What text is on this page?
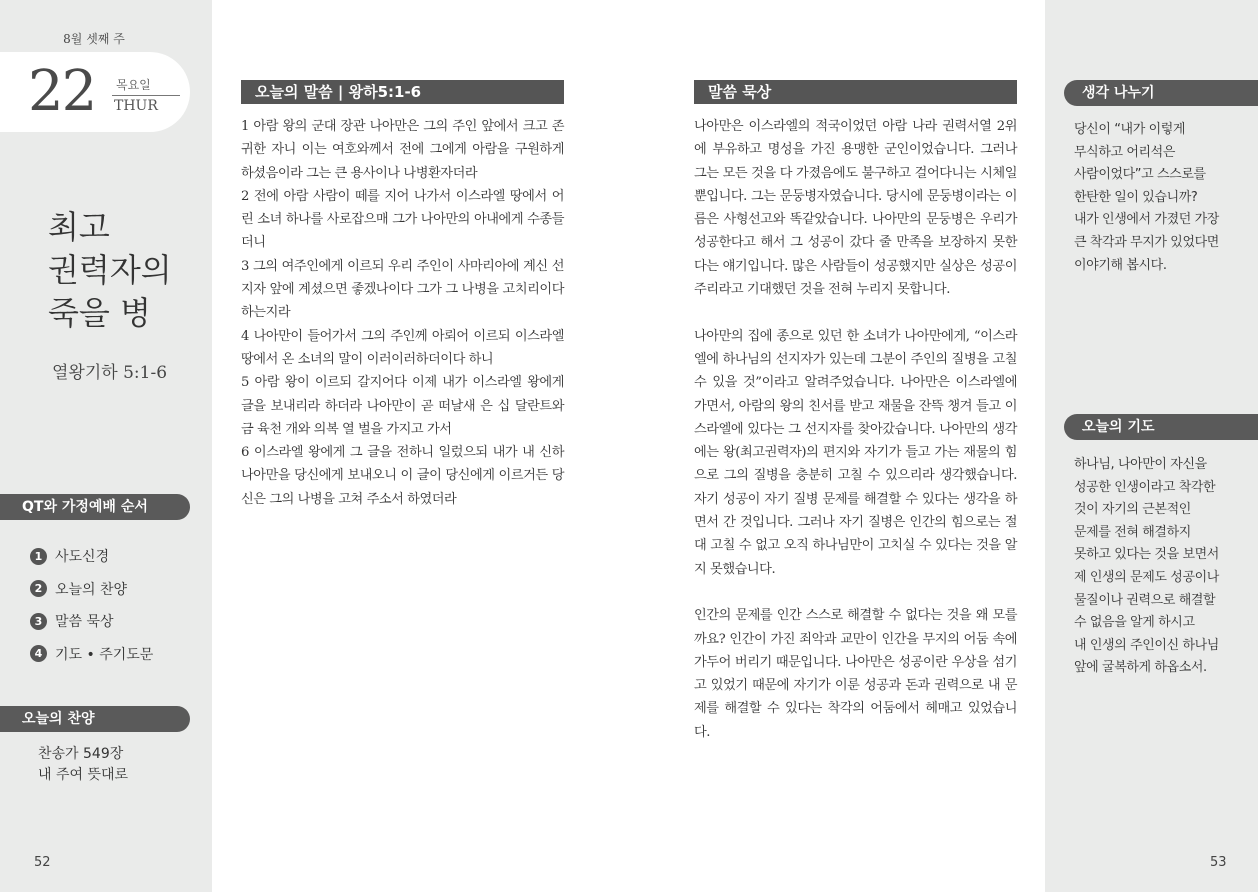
8월 셋째 주
22 목요일
THUR
최고
권력자의
죽을 병
열왕기하 5:1-6
QT와 가정예배 순서
1 사도신경
2 오늘의 찬양
3 말씀 묵상
4 기도 • 주기도문
오늘의 찬양
찬송가 549장
내 주여 뜻대로
52
오늘의 말씀 | 왕하5:1-6

1 아람 왕의 군대 장관 나아만은 그의 주인 앞에서 크고 존귀한 자니 이는 여호와께서 전에 그에게 아람을 구원하게 하셨음이라 그는 큰 용사이나 나병환자더라

2 전에 아람 사람이 떼를 지어 나가서 이스라엘 땅에서 어린 소녀 하나를 사로잡으매 그가 나아만의 아내에게 수종들더니

3 그의 여주인에게 이르되 우리 주인이 사마리아에 계신 선지자 앞에 계셨으면 좋겠나이다 그가 그 나병을 고치리이다 하는지라

4 나아만이 들어가서 그의 주인께 아뢰어 이르되 이스라엘 땅에서 온 소녀의 말이 이러이러하더이다 하니

5 아람 왕이 이르되 갈지어다 이제 내가 이스라엘 왕에게 글을 보내리라 하더라 나아만이 곧 떠날새 은 십 달란트와 금 육천 개와 의복 열 벌을 가지고 가서

6 이스라엘 왕에게 그 글을 전하니 일렀으되 내가 내 신하 나아만을 당신에게 보내오니 이 글이 당신에게 이르거든 당신은 그의 나병을 고쳐 주소서 하였더라

말씀 묵상

나아만은 이스라엘의 적국이었던 아람 나라 권력서열 2위에 부유하고 명성을 가진 용맹한 군인이었습니다. 그러나 그는 모든 것을 다 가졌음에도 불구하고 걸어다니는 시체일 뿐입니다. 그는 문둥병자였습니다. 당시에 문둥병이라는 이름은 사형선고와 똑같았습니다. 나아만의 문둥병은 우리가 성공한다고 해서 그 성공이 갔다 줄 만족을 보장하지 못한다는 얘기입니다. 많은 사람들이 성공했지만 실상은 성공이 주리라고 기대했던 것을 전혀 누리지 못합니다.

나아만의 집에 종으로 있던 한 소녀가 나아만에게, “이스라엘에 하나님의 선지자가 있는데 그분이 주인의 질병을 고칠 수 있을 것”이라고 알려주었습니다. 나아만은 이스라엘에 가면서, 아람의 왕의 친서를 받고 재물을 잔뜩 챙겨 들고 이스라엘에 있다는 그 선지자를 찾아갔습니다. 나아만의 생각에는 왕(최고권력자)의 편지와 자기가 들고 가는 재물의 힘으로 그의 질병을 충분히 고칠 수 있으리라 생각했습니다. 자기 성공이 자기 질병 문제를 해결할 수 있다는 생각을 하면서 간 것입니다. 그러나 자기 질병은 인간의 힘으로는 절대 고칠 수 없고 오직 하나님만이 고치실 수 있다는 것을 알지 못했습니다.

인간의 문제를 인간 스스로 해결할 수 없다는 것을 왜 모를까요? 인간이 가진 죄악과 교만이 인간을 무지의 어둠 속에 가두어 버리기 때문입니다. 나아만은 성공이란 우상을 섬기고 있었기 때문에 자기가 이룬 성공과 돈과 권력으로 내 문제를 해결할 수 있다는 착각의 어둠에서 헤매고 있었습니다.

생각 나누기
당신이 “내가 이렇게
무식하고 어리석은
사람이었다”고 스스로를
한탄한 일이 있습니까?
내가 인생에서 가졌던 가장
큰 착각과 무지가 있었다면
이야기해 봅시다.
오늘의 기도
하나님, 나아만이 자신을
성공한 인생이라고 착각한
것이 자기의 근본적인
문제를 전혀 해결하지
못하고 있다는 것을 보면서
제 인생의 문제도 성공이나
물질이나 권력으로 해결할
수 없음을 알게 하시고
내 인생의 주인이신 하나님
앞에 굴복하게 하옵소서.
53
